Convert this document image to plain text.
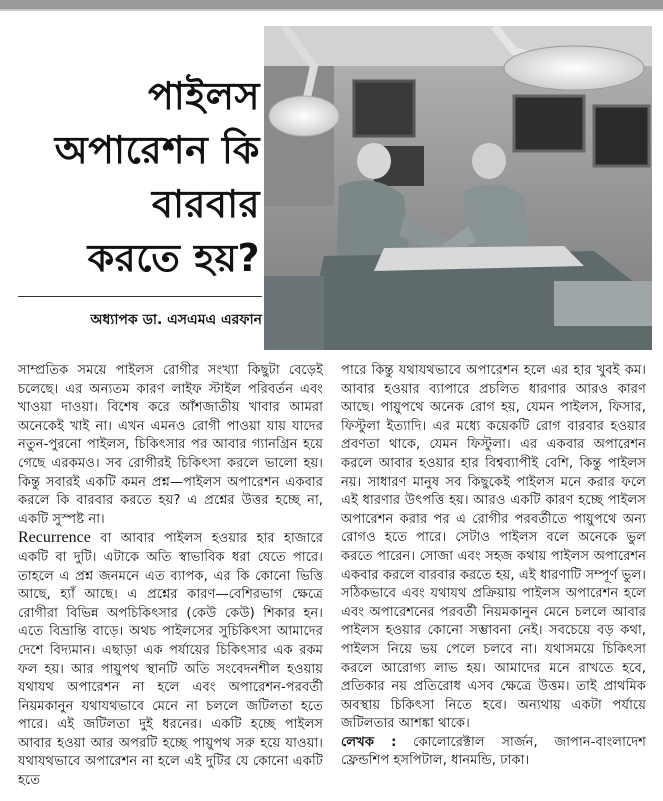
পাইলস
অপারেশন কি
বারবার
করতে হয়?
অধ্যাপক ডা. এসএমএ এরফান

সাম্প্রতিক সময়ে পাইলস রোগীর সংখ্যা কিছুটা বেড়েই চলেছে। এর অন্যতম কারণ লাইফ স্টাইল পরিবর্তন এবং খাওয়া দাওয়া। বিশেষ করে আঁশজাতীয় খাবার আমরা অনেকেই খাই না। এখন এমনও রোগী পাওয়া যায় যাদের নতুন-পুরনো পাইলস, চিকিৎসার পর আবার গ্যানগ্রিন হয়ে গেছে এরকমও। সব রোগীরই চিকিৎসা করলে ভালো হয়। কিন্তু সবারই একটি কমন প্রশ্ন—পাইলস অপারেশন একবার করলে কি বারবার করতে হয়? এ প্রশ্নের উত্তর হচ্ছে না, একটি সুস্পষ্ট না।
Recurrence বা আবার পাইলস হওয়ার হার হাজারে একটি বা দুটি। এটাকে অতি স্বাভাবিক ধরা যেতে পারে। তাহলে এ প্রশ্ন জনমনে এত ব্যাপক, এর কি কোনো ভিত্তি আছে, হ্যাঁ আছে। এ প্রশ্নের কারণ—বেশিরভাগ ক্ষেত্রে রোগীরা বিভিন্ন অপচিকিৎসার (কেউ কেউ) শিকার হন। এতে বিভ্রান্তি বাড়ে। অথচ পাইলসের সুচিকিৎসা আমাদের দেশে বিদ্যমান। এছাড়া এক পর্যায়ের চিকিৎসার এক রকম ফল হয়। আর পায়ুপথ স্থানটি অতি সংবেদনশীল হওয়ায় যথাযথ অপারেশন না হলে এবং অপারেশন-পরবর্তী নিয়মকানুন যথাযথভাবে মেনে না চললে জটিলতা হতে পারে। এই জটিলতা দুই ধরনের। একটি হচ্ছে পাইলস আবার হওয়া আর অপরটি হচ্ছে পায়ুপথ সরু হয়ে যাওয়া। যথাযথভাবে অপারেশন না হলে এই দুটির যে কোনো একটি হতে

পারে কিন্তু যথাযথভাবে অপারেশন হলে এর হার খুবই কম। আবার হওয়ার ব্যাপারে প্রচলিত ধারণার আরও কারণ আছে। পায়ুপথে অনেক রোগ হয়, যেমন পাইলস, ফিসার, ফিস্টুলা ইত্যাদি। এর মধ্যে কয়েকটি রোগ বারবার হওয়ার প্রবণতা থাকে, যেমন ফিস্টুলা। এর একবার অপারেশন করলে আবার হওয়ার হার বিশ্বব্যাপীই বেশি, কিন্তু পাইলস নয়। সাধারণ মানুষ সব কিছুকেই পাইলস মনে করার ফলে এই ধারণার উৎপত্তি হয়। আরও একটি কারণ হচ্ছে পাইলস অপারেশন করার পর এ রোগীর পরবর্তীতে পায়ুপথে অন্য রোগও হতে পারে। সেটাও পাইলস বলে অনেকে ভুল করতে পারেন। সোজা এবং সহজ কথায় পাইলস অপারেশন একবার করলে বারবার করতে হয়, এই ধারণাটি সম্পূর্ণ ভুল। সঠিকভাবে এবং যথাযথ প্রক্রিয়ায় পাইলস অপারেশন হলে এবং অপারেশনের পরবর্তী নিয়মকানুন মেনে চললে আবার পাইলস হওয়ার কোনো সম্ভাবনা নেই। সবচেয়ে বড় কথা, পাইলস নিয়ে ভয় পেলে চলবে না। যথাসময়ে চিকিৎসা করলে আরোগ্য লাভ হয়। আমাদের মনে রাখতে হবে, প্রতিকার নয় প্রতিরোধ এসব ক্ষেত্রে উত্তম। তাই প্রাথমিক অবস্থায় চিকিৎসা নিতে হবে। অন্যথায় একটা পর্যায়ে জটিলতার আশঙ্কা থাকে।

লেখক : কোলোরেক্টাল সার্জন, জাপান-বাংলাদেশ ফ্রেন্ডশিপ হসপিটাল, ধানমন্ডি, ঢাকা।
